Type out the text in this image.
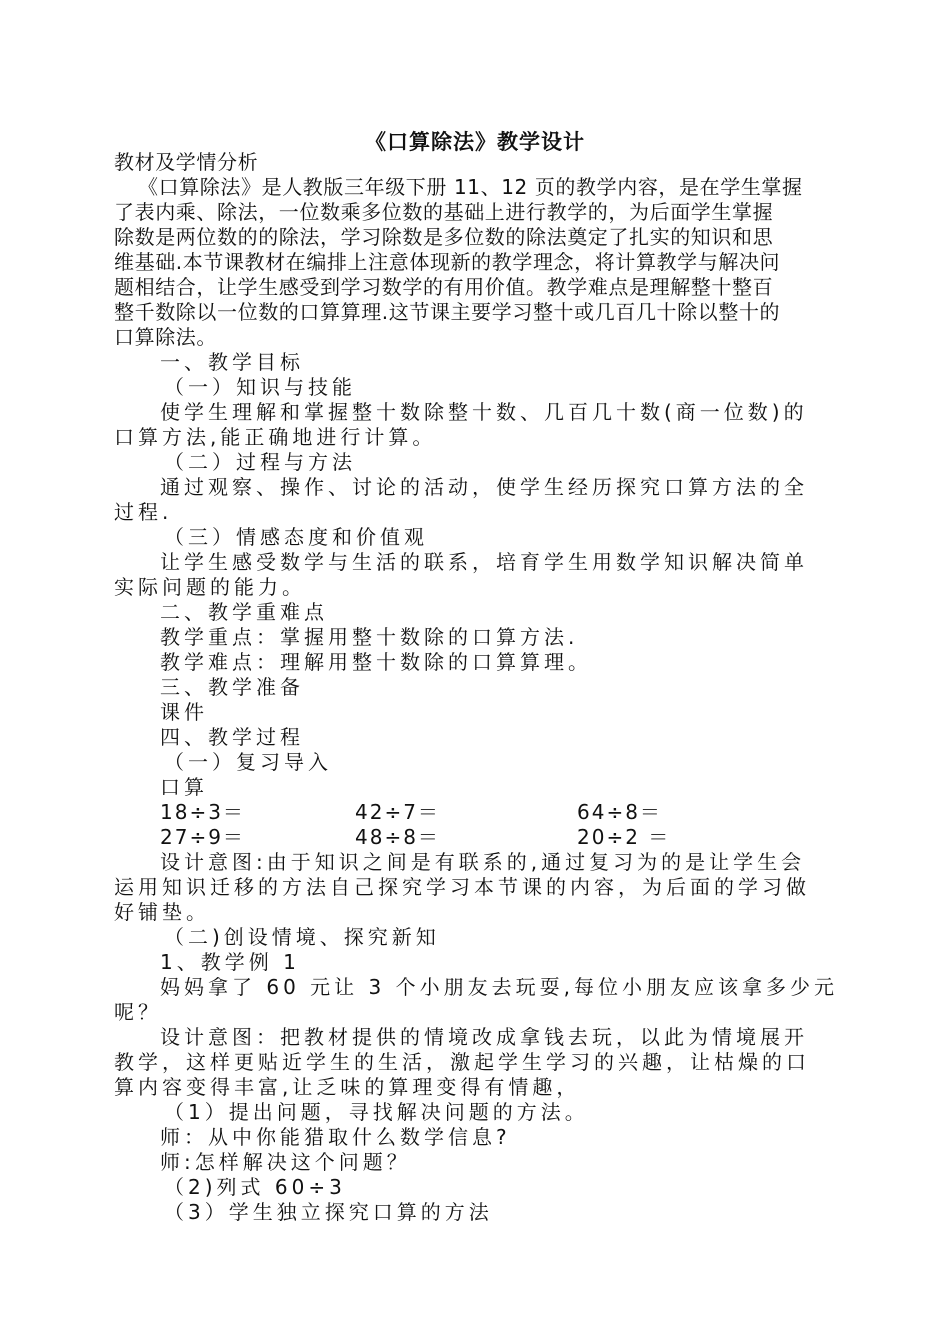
《口算除法》教学设计
教材及学情分析
《口算除法》是人教版三年级下册 11、12 页的教学内容，是在学生掌握
了表内乘、除法，一位数乘多位数的基础上进行教学的，为后面学生掌握
除数是两位数的的除法，学习除数是多位数的除法奠定了扎实的知识和思
维基础.本节课教材在编排上注意体现新的教学理念，将计算教学与解决问
题相结合，让学生感受到学习数学的有用价值。教学难点是理解整十整百
整千数除以一位数的口算算理.这节课主要学习整十或几百几十除以整十的
口算除法。
一、教学目标
（一）知识与技能
使学生理解和掌握整十数除整十数、几百几十数(商一位数)的
口算方法,能正确地进行计算。
（二）过程与方法
通过观察、操作、讨论的活动，使学生经历探究口算方法的全
过程.
（三）情感态度和价值观
让学生感受数学与生活的联系，培育学生用数学知识解决简单
实际问题的能力。
二、教学重难点
教学重点：掌握用整十数除的口算方法.
教学难点：理解用整十数除的口算算理。
三、教学准备
课件
四、教学过程
（一）复习导入
口算
18÷3＝	42÷7＝	64÷8＝
27÷9＝	48÷8＝	20÷2 ＝
设计意图:由于知识之间是有联系的,通过复习为的是让学生会
运用知识迁移的方法自己探究学习本节课的内容，为后面的学习做
好铺垫。
（二)创设情境、探究新知
1、教学例 1
妈妈拿了 60 元让 3 个小朋友去玩耍,每位小朋友应该拿多少元
呢？
设计意图：把教材提供的情境改成拿钱去玩，以此为情境展开
教学，这样更贴近学生的生活，激起学生学习的兴趣，让枯燥的口
算内容变得丰富,让乏味的算理变得有情趣，
（1）提出问题，寻找解决问题的方法。
师：从中你能猎取什么数学信息?
师:怎样解决这个问题？
（2)列式 60÷3
（3）学生独立探究口算的方法
